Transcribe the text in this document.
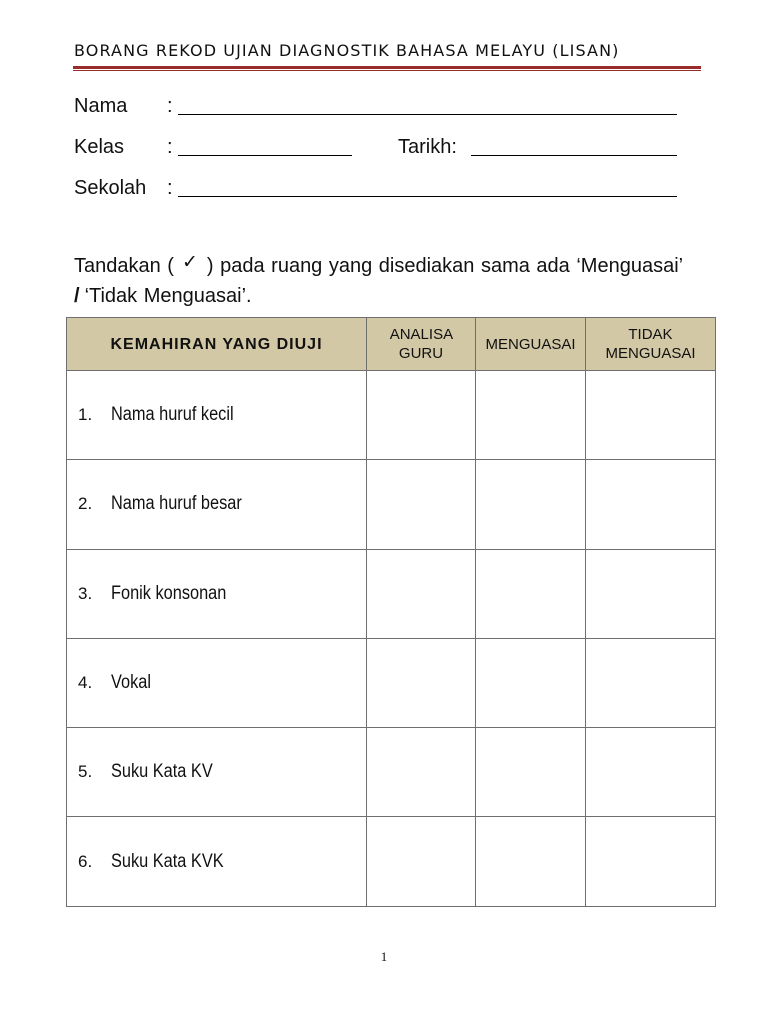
BORANG REKOD UJIAN DIAGNOSTIK BAHASA MELAYU (LISAN)
Nama :
Kelas :	Tarikh:
Sekolah :
Tandakan ( ✓ ) pada ruang yang disediakan sama ada ‘Menguasai’
/ ‘Tidak Menguasai’.
KEMAHIRAN YANG DIUJI	ANALISA GURU	MENGUASAI	TIDAK MENGUASAI
1. Nama huruf kecil			
2. Nama huruf besar			
3. Fonik konsonan			
4. Vokal			
5. Suku Kata KV			
6. Suku Kata KVK			
1
